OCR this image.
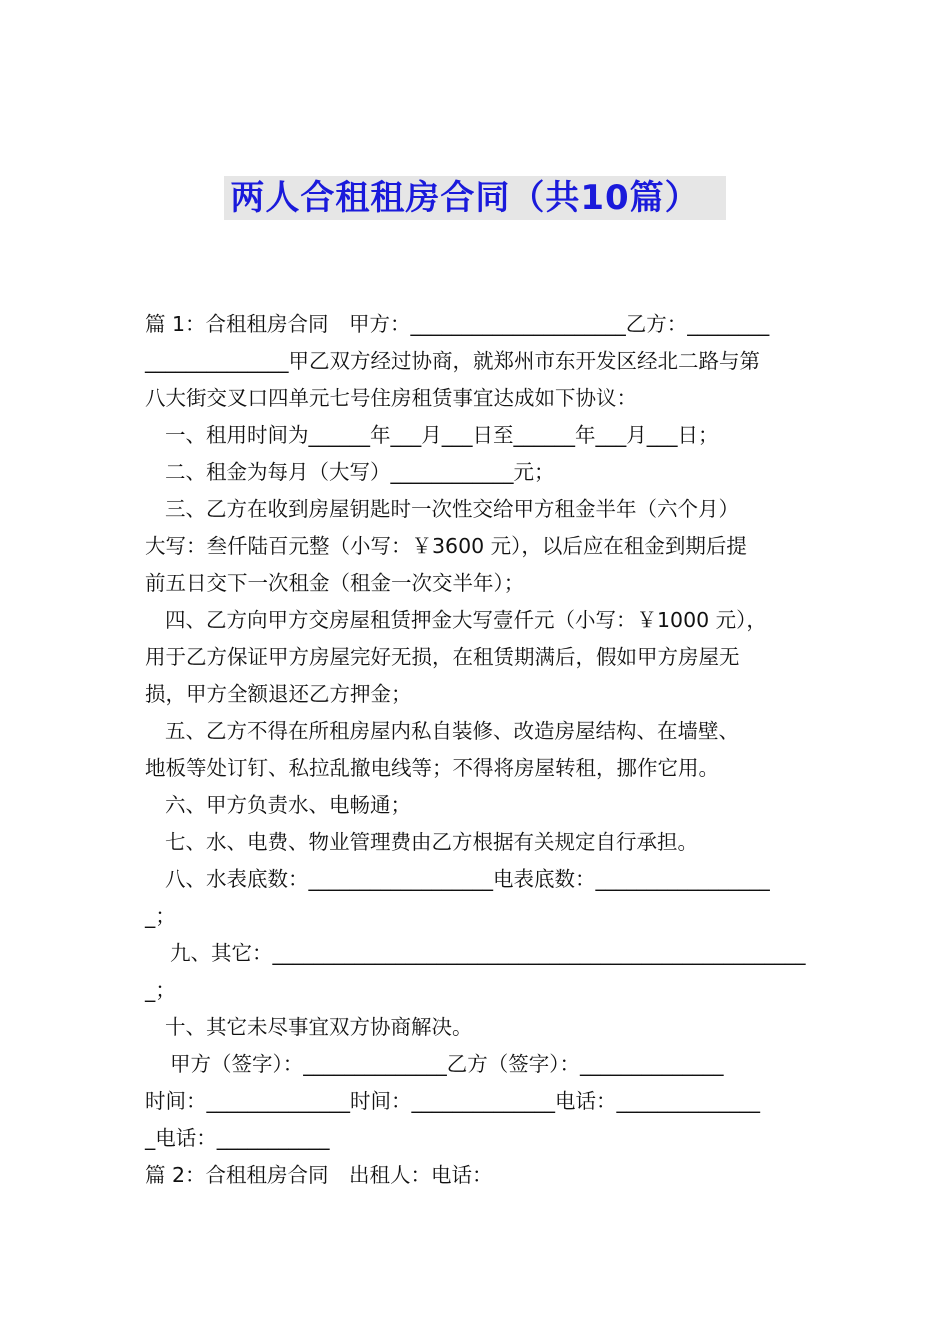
两人合租租房合同（共10篇）
篇 1：合租租房合同　甲方：_____________________乙方：________
______________甲乙双方经过协商，就郑州市东开发区经北二路与第
八大街交叉口四单元七号住房租赁事宜达成如下协议：
一、租用时间为______年___月___日至______年___月___日；
二、租金为每月（大写）____________元；
三、乙方在收到房屋钥匙时一次性交给甲方租金半年（六个月）
大写：叁仟陆百元整（小写：￥3600 元），以后应在租金到期后提
前五日交下一次租金（租金一次交半年）；
四、乙方向甲方交房屋租赁押金大写壹仟元（小写：￥1000 元），
用于乙方保证甲方房屋完好无损，在租赁期满后，假如甲方房屋无
损，甲方全额退还乙方押金；
五、乙方不得在所租房屋内私自装修、改造房屋结构、在墙壁、
地板等处订钉、私拉乱撤电线等；不得将房屋转租，挪作它用。
六、甲方负责水、电畅通；
七、水、电费、物业管理费由乙方根据有关规定自行承担。
八、水表底数：__________________电表底数：_________________
_；
九、其它：____________________________________________________
_；
十、其它未尽事宜双方协商解决。
甲方（签字）：______________乙方（签字）：______________
时间：______________时间：______________电话：______________
_电话：___________
篇 2：合租租房合同　出租人：电话：
